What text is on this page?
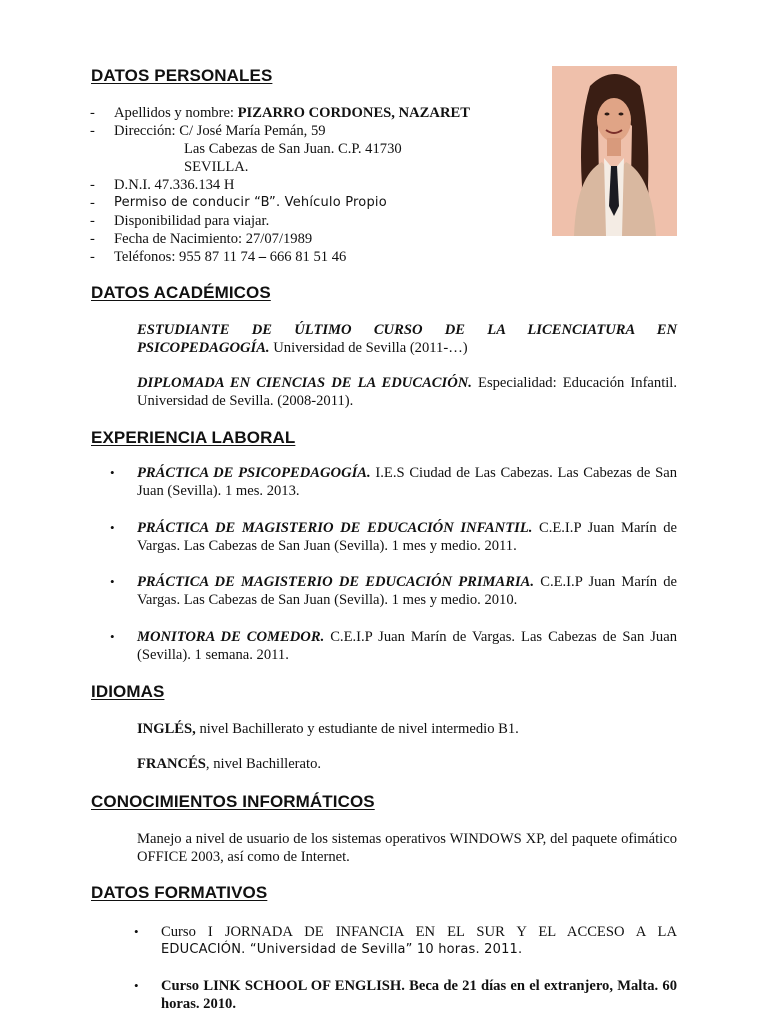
DATOS PERSONALES
-	Apellidos y nombre: PIZARRO CORDONES, NAZARET
-	Dirección: C/ José María Pemán, 59
Las Cabezas de San Juan. C.P. 41730
SEVILLA.
-	D.N.I. 47.336.134 H
-	Permiso de conducir “B”. Vehículo Propio
-	Disponibilidad para viajar.
-	Fecha de Nacimiento: 27/07/1989
-	Teléfonos: 955 87 11 74 – 666 81 51 46
DATOS ACADÉMICOS
ESTUDIANTE DE ÚLTIMO CURSO DE LA LICENCIATURA EN PSICOPEDAGOGÍA. Universidad de Sevilla (2011-…)
DIPLOMADA EN CIENCIAS DE LA EDUCACIÓN. Especialidad: Educación Infantil. Universidad de Sevilla. (2008-2011).
EXPERIENCIA LABORAL
• PRÁCTICA DE PSICOPEDAGOGÍA. I.E.S Ciudad de Las Cabezas. Las Cabezas de San Juan (Sevilla). 1 mes. 2013.
• PRÁCTICA DE MAGISTERIO DE EDUCACIÓN INFANTIL. C.E.I.P Juan Marín de Vargas. Las Cabezas de San Juan (Sevilla). 1 mes y medio. 2011.
• PRÁCTICA DE MAGISTERIO DE EDUCACIÓN PRIMARIA. C.E.I.P Juan Marín de Vargas. Las Cabezas de San Juan (Sevilla). 1 mes y medio. 2010.
• MONITORA DE COMEDOR. C.E.I.P Juan Marín de Vargas. Las Cabezas de San Juan (Sevilla). 1 semana. 2011.
IDIOMAS
INGLÉS, nivel Bachillerato y estudiante de nivel intermedio B1.
FRANCÉS, nivel Bachillerato.
CONOCIMIENTOS INFORMÁTICOS
Manejo a nivel de usuario de los sistemas operativos WINDOWS XP, del paquete ofimático OFFICE 2003, así como de Internet.
DATOS FORMATIVOS
• Curso I JORNADA DE INFANCIA EN EL SUR Y EL ACCESO A LA
EDUCACIÓN. “Universidad de Sevilla” 10 horas. 2011.
• Curso LINK SCHOOL OF ENGLISH. Beca de 21 días en el extranjero, Malta. 60 horas. 2010.
